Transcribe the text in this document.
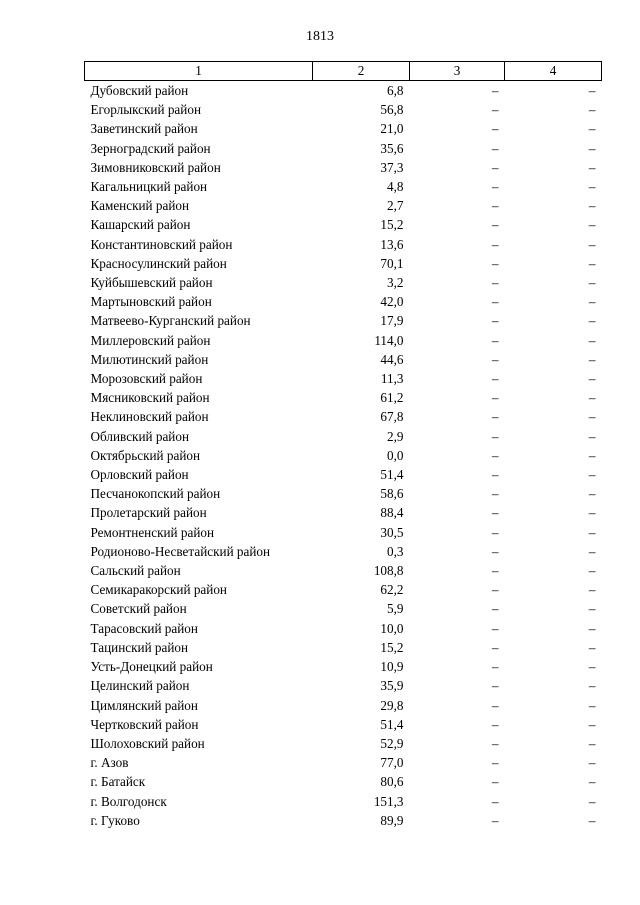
1813
1	2	3	4
Дубовский район	6,8	–	–
Егорлыкский район	56,8	–	–
Заветинский район	21,0	–	–
Зерноградский район	35,6	–	–
Зимовниковский район	37,3	–	–
Кагальницкий район	4,8	–	–
Каменский район	2,7	–	–
Кашарский район	15,2	–	–
Константиновский район	13,6	–	–
Красносулинский район	70,1	–	–
Куйбышевский район	3,2	–	–
Мартыновский район	42,0	–	–
Матвеево-Курганский район	17,9	–	–
Миллеровский район	114,0	–	–
Милютинский район	44,6	–	–
Морозовский район	11,3	–	–
Мясниковский район	61,2	–	–
Неклиновский район	67,8	–	–
Обливский район	2,9	–	–
Октябрьский район	0,0	–	–
Орловский район	51,4	–	–
Песчанокопский район	58,6	–	–
Пролетарский район	88,4	–	–
Ремонтненский район	30,5	–	–
Родионово-Несветайский район	0,3	–	–
Сальский район	108,8	–	–
Семикаракорский район	62,2	–	–
Советский район	5,9	–	–
Тарасовский район	10,0	–	–
Тацинский район	15,2	–	–
Усть-Донецкий район	10,9	–	–
Целинский район	35,9	–	–
Цимлянский район	29,8	–	–
Чертковский район	51,4	–	–
Шолоховский район	52,9	–	–
г. Азов	77,0	–	–
г. Батайск	80,6	–	–
г. Волгодонск	151,3	–	–
г. Гуково	89,9	–	–
